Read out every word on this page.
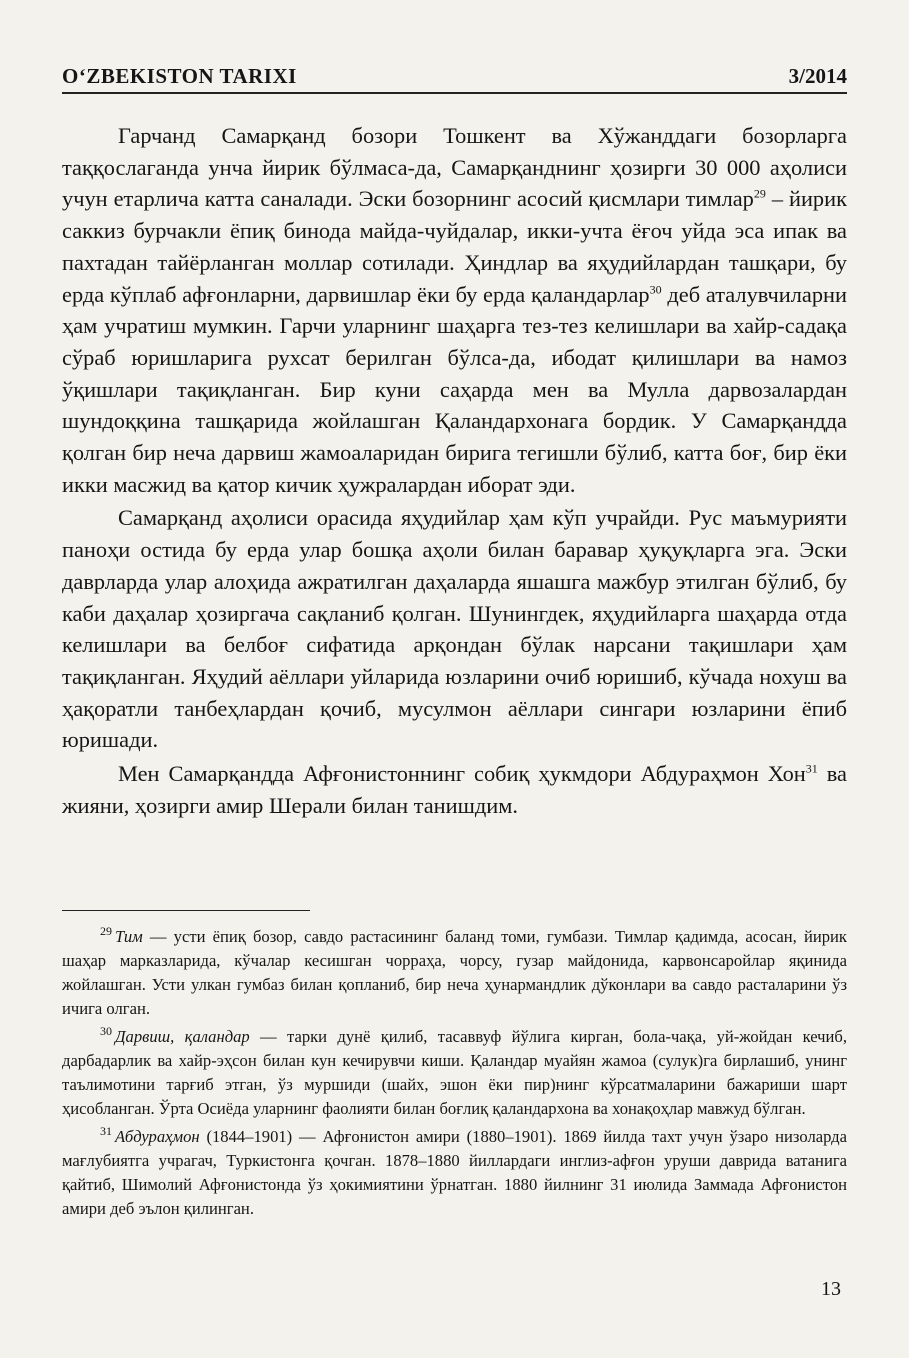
O‘ZBEKISTON TARIXI	3/2014

Гарчанд Самарқанд бозори Тошкент ва Хўжанддаги бозорларга таққослаганда унча йирик бўлмаса-да, Самарқанднинг ҳозирги 30 000 аҳолиси учун етарлича катта саналади. Эски бозорнинг асосий қисмлари тимлар$^{29}$ – йирик саккиз бурчакли ёпиқ бинода майда-чуйдалар, икки-учта ёғоч уйда эса ипак ва пахтадан тайёрланган моллар сотилади. Ҳиндлар ва яҳудийлардан ташқари, бу ерда кўплаб афғонларни, дарвишлар ёки бу ерда қаландарлар$^{30}$ деб аталувчиларни ҳам учратиш мумкин. Гарчи уларнинг шаҳарга тез-тез келишлари ва хайр-садақа сўраб юришларига рухсат берилган бўлса-да, ибодат қилишлари ва намоз ўқишлари тақиқланган. Бир куни саҳарда мен ва Мулла дарвозалардан шундоққина ташқарида жойлашган Қаландархонага бордик. У Самарқандда қолган бир неча дарвиш жамоаларидан бирига тегишли бўлиб, катта боғ, бир ёки икки масжид ва қатор кичик ҳужралардан иборат эди.

Самарқанд аҳолиси орасида яҳудийлар ҳам кўп учрайди. Рус маъмурияти паноҳи остида бу ерда улар бошқа аҳоли билан баравар ҳуқуқларга эга. Эски даврларда улар алоҳида ажратилган даҳаларда яшашга мажбур этилган бўлиб, бу каби даҳалар ҳозиргача сақланиб қолган. Шунингдек, яҳудийларга шаҳарда отда келишлари ва белбоғ сифатида арқондан бўлак нарсани тақишлари ҳам тақиқланган. Яҳудий аёллари уйларида юзларини очиб юришиб, кўчада нохуш ва ҳақоратли танбеҳлардан қочиб, мусулмон аёллари сингари юзларини ёпиб юришади.

Мен Самарқандда Афғонистоннинг собиқ ҳукмдори Абдураҳмон Хон$^{31}$ ва жияни, ҳозирги амир Шерали билан танишдим.

$^{29}$ Тим — усти ёпиқ бозор, савдо растасининг баланд томи, гумбази. Тимлар қадимда, асосан, йирик шаҳар марказларида, кўчалар кесишган чорраҳа, чорсу, гузар майдонида, карвонсаройлар яқинида жойлашган. Усти улкан гумбаз билан қопланиб, бир неча ҳунармандлик дўконлари ва савдо расталарини ўз ичига олган.

$^{30}$ Дарвиш, қаландар — тарки дунё қилиб, тасаввуф йўлига кирган, бола-чақа, уй-жойдан кечиб, дарбадарлик ва хайр-эҳсон билан кун кечирувчи киши. Қаландар муайян жамоа (сулук)га бирлашиб, унинг таълимотини тарғиб этган, ўз муршиди (шайх, эшон ёки пир)нинг кўрсатмаларини бажариши шарт ҳисобланган. Ўрта Осиёда уларнинг фаолияти билан боғлиқ қаландархона ва хонақоҳлар мавжуд бўлган.

$^{31}$ Абдураҳмон (1844–1901) — Афғонистон амири (1880–1901). 1869 йилда тахт учун ўзаро низоларда мағлубиятга учрагач, Туркистонга қочган. 1878–1880 йиллардаги инглиз-афғон уруши даврида ватанига қайтиб, Шимолий Афғонистонда ўз ҳокимиятини ўрнатган. 1880 йилнинг 31 июлида Заммада Афғонистон амири деб эълон қилинган.

13
